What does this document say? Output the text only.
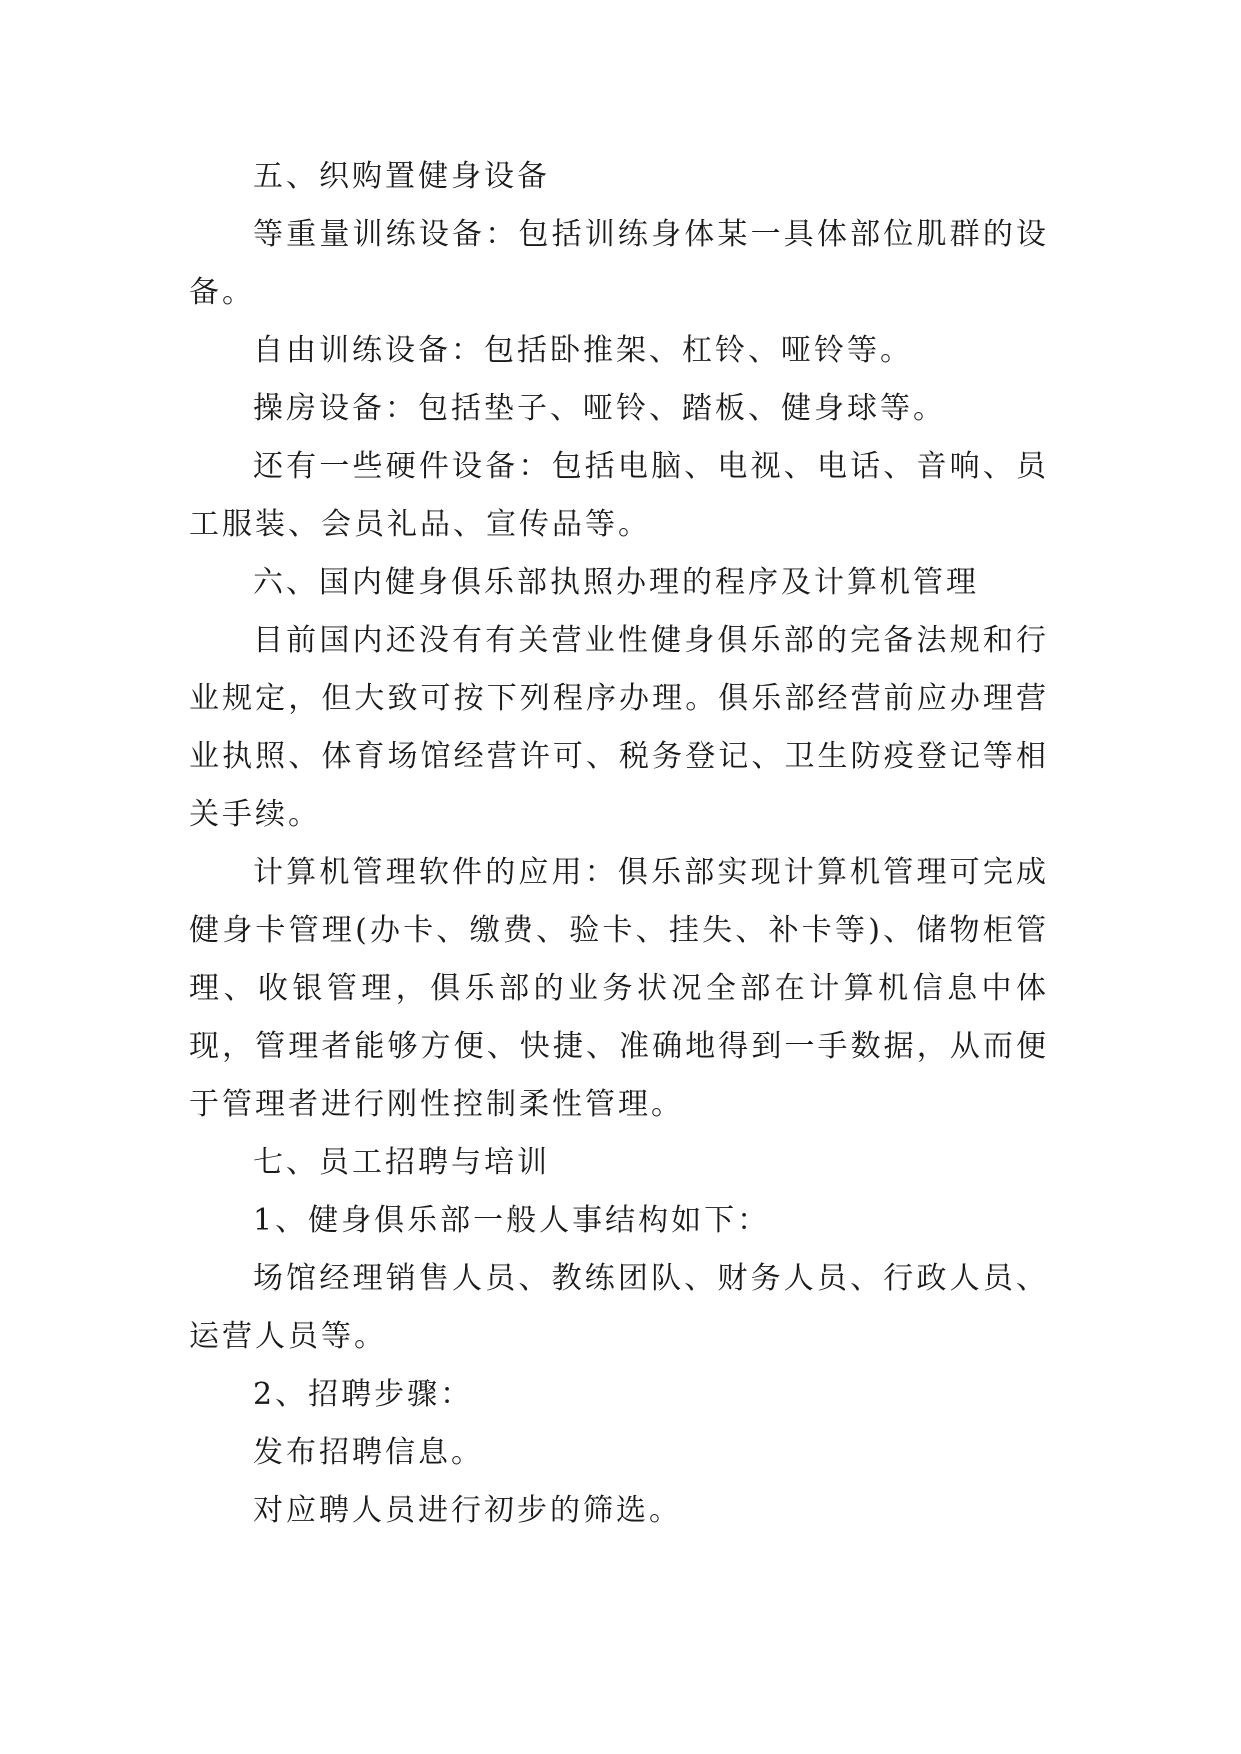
五、织购置健身设备

等重量训练设备：包括训练身体某一具体部位肌群的设备。

自由训练设备：包括卧推架、杠铃、哑铃等。

操房设备：包括垫子、哑铃、踏板、健身球等。

还有一些硬件设备：包括电脑、电视、电话、音响、员工服装、会员礼品、宣传品等。

六、国内健身俱乐部执照办理的程序及计算机管理

目前国内还没有有关营业性健身俱乐部的完备法规和行业规定，但大致可按下列程序办理。俱乐部经营前应办理营业执照、体育场馆经营许可、税务登记、卫生防疫登记等相关手续。

计算机管理软件的应用：俱乐部实现计算机管理可完成健身卡管理(办卡、缴费、验卡、挂失、补卡等)、储物柜管理、收银管理，俱乐部的业务状况全部在计算机信息中体现，管理者能够方便、快捷、准确地得到一手数据，从而便于管理者进行刚性控制柔性管理。

七、员工招聘与培训

1、健身俱乐部一般人事结构如下：

场馆经理销售人员、教练团队、财务人员、行政人员、运营人员等。

2、招聘步骤：

发布招聘信息。

对应聘人员进行初步的筛选。
